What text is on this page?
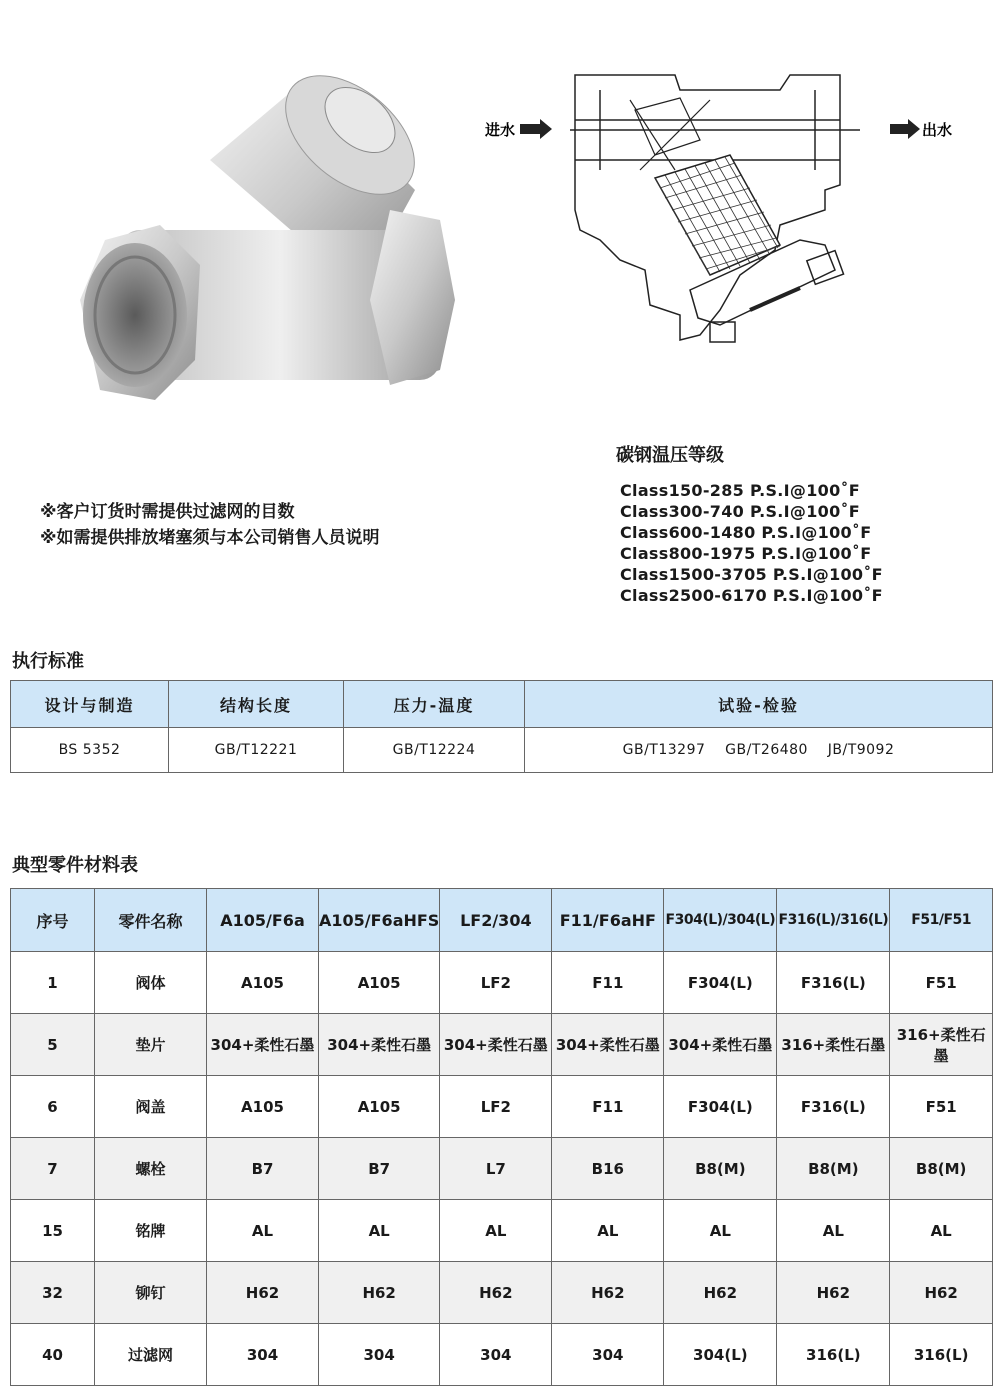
进水	出水
※客户订货时需提供过滤网的目数
※如需提供排放堵塞须与本公司销售人员说明
碳钢温压等级
Class150-285 P.S.I@100˚F
Class300-740 P.S.I@100˚F
Class600-1480 P.S.I@100˚F
Class800-1975 P.S.I@100˚F
Class1500-3705 P.S.I@100˚F
Class2500-6170 P.S.I@100˚F
执行标准
设计与制造	结构长度	压力-温度	试验-检验
BS 5352	GB/T12221	GB/T12224	GB/T13297    GB/T26480    JB/T9092
典型零件材料表
序号	零件名称	A105/F6a	A105/F6aHFS	LF2/304	F11/F6aHF	F304(L)/304(L)	F316(L)/316(L)	F51/F51
1	阀体	A105	A105	LF2	F11	F304(L)	F316(L)	F51
5	垫片	304+柔性石墨	304+柔性石墨	304+柔性石墨	304+柔性石墨	304+柔性石墨	316+柔性石墨	316+柔性石墨
6	阀盖	A105	A105	LF2	F11	F304(L)	F316(L)	F51
7	螺栓	B7	B7	L7	B16	B8(M)	B8(M)	B8(M)
15	铭牌	AL	AL	AL	AL	AL	AL	AL
32	铆钉	H62	H62	H62	H62	H62	H62	H62
40	过滤网	304	304	304	304	304(L)	316(L)	316(L)
